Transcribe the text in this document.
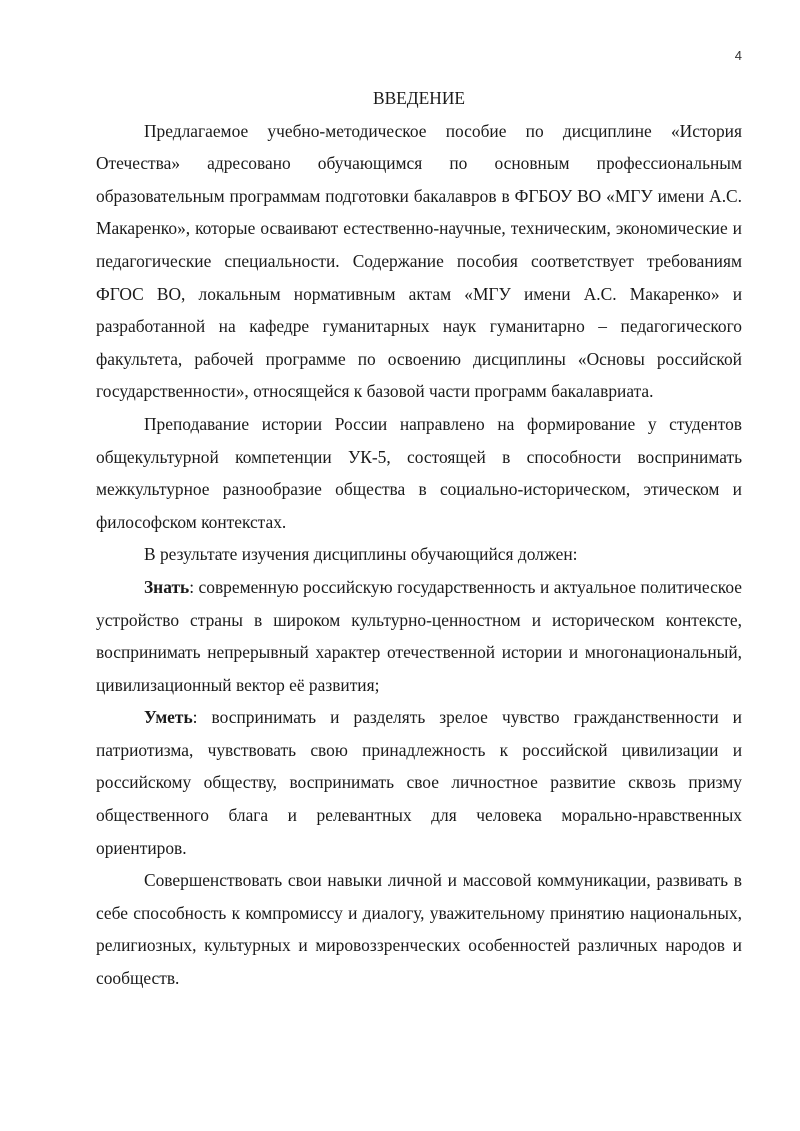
4
ВВЕДЕНИЕ

Предлагаемое учебно-методическое пособие по дисциплине «История Отечества» адресовано обучающимся по основным профессиональным образовательным программам подготовки бакалавров в ФГБОУ ВО «МГУ имени А.С. Макаренко», которые осваивают естественно-научные, техническим, экономические и педагогические специальности. Содержание пособия соответствует требованиям ФГОС ВО, локальным нормативным актам «МГУ имени А.С. Макаренко» и разработанной на кафедре гуманитарных наук гуманитарно – педагогического факультета, рабочей программе по освоению дисциплины «Основы российской государственности», относящейся к базовой части программ бакалавриата.

Преподавание истории России направлено на формирование у студентов общекультурной компетенции УК-5, состоящей в способности воспринимать межкультурное разнообразие общества в социально-историческом, этическом и философском контекстах.

В результате изучения дисциплины обучающийся должен:

Знать: современную российскую государственность и актуальное политическое устройство страны в широком культурно-ценностном и историческом контексте, воспринимать непрерывный характер отечественной истории и многонациональный, цивилизационный вектор её развития;

Уметь: воспринимать и разделять зрелое чувство гражданственности и патриотизма, чувствовать свою принадлежность к российской цивилизации и российскому обществу, воспринимать свое личностное развитие сквозь призму общественного блага и релевантных для человека морально-нравственных ориентиров.

Совершенствовать свои навыки личной и массовой коммуникации, развивать в себе способность к компромиссу и диалогу, уважительному принятию национальных, религиозных, культурных и мировоззренческих особенностей различных народов и сообществ.
